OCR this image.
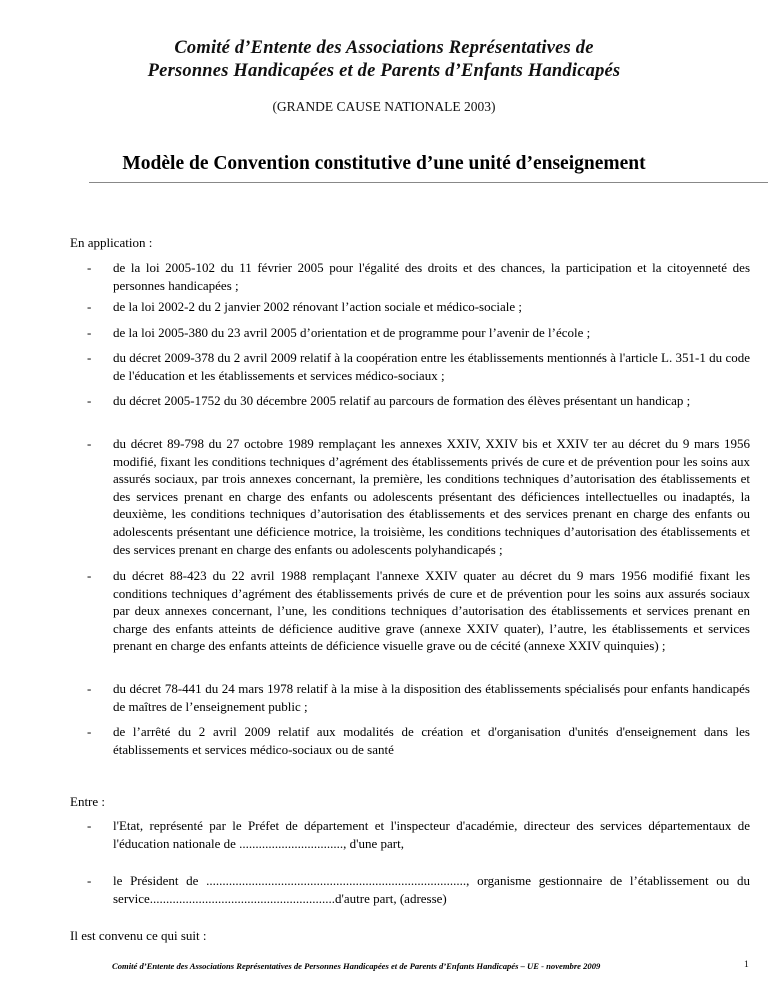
Comité d’Entente des Associations Représentatives de
Personnes Handicapées et de Parents d’Enfants Handicapés
(GRANDE CAUSE NATIONALE 2003)
Modèle de Convention constitutive d’une unité d’enseignement
En application :
- de la loi 2005-102 du 11 février 2005 pour l'égalité des droits et des chances, la participation et la citoyenneté des personnes handicapées ;
- de la loi 2002-2 du 2 janvier 2002 rénovant l’action sociale et médico-sociale ;
- de la loi 2005-380 du 23 avril 2005 d’orientation et de programme pour l’avenir de l’école ;
- du décret 2009-378 du 2 avril 2009 relatif à la coopération entre les établissements mentionnés à l'article L. 351-1 du code de l'éducation et les établissements et services médico-sociaux ;
- du décret 2005-1752 du 30 décembre 2005 relatif au parcours de formation des élèves présentant un handicap ;
- du décret 89-798 du 27 octobre 1989 remplaçant les annexes XXIV, XXIV bis et XXIV ter au décret du 9 mars 1956 modifié, fixant les conditions techniques d’agrément des établissements privés de cure et de prévention pour les soins aux assurés sociaux, par trois annexes concernant, la première, les conditions techniques d’autorisation des établissements et des services prenant en charge des enfants ou adolescents présentant des déficiences intellectuelles ou inadaptés, la deuxième, les conditions techniques d’autorisation des établissements et des services prenant en charge des enfants ou adolescents présentant une déficience motrice, la troisième, les conditions techniques d’autorisation des établissements et des services prenant en charge des enfants ou adolescents polyhandicapés ;
- du décret 88-423 du 22 avril 1988 remplaçant l'annexe XXIV quater au décret du 9 mars 1956 modifié fixant les conditions techniques d’agrément des établissements privés de cure et de prévention pour les soins aux assurés sociaux par deux annexes concernant, l’une, les conditions techniques d’autorisation des établissements et services prenant en charge des enfants atteints de déficience auditive grave (annexe XXIV quater), l’autre, les établissements et services prenant en charge des enfants atteints de déficience visuelle grave ou de cécité (annexe XXIV quinquies) ;
- du décret 78-441 du 24 mars 1978 relatif à la mise à la disposition des établissements spécialisés pour enfants handicapés de maîtres de l’enseignement public ;
- de l’arrêté du 2 avril 2009 relatif aux modalités de création et d'organisation d'unités d'enseignement dans les établissements et services médico-sociaux ou de santé
Entre :
- l'Etat, représenté par le Préfet de département et l'inspecteur d'académie, directeur des services départementaux de l'éducation nationale de ................................, d'une part,
- le Président de ................................................................................, organisme gestionnaire de l’établissement ou du service.........................................................d'autre part, (adresse)
Il est convenu ce qui suit :
Comité d’Entente des Associations Représentatives de Personnes Handicapées et de Parents d’Enfants Handicapés – UE - novembre 2009	1
